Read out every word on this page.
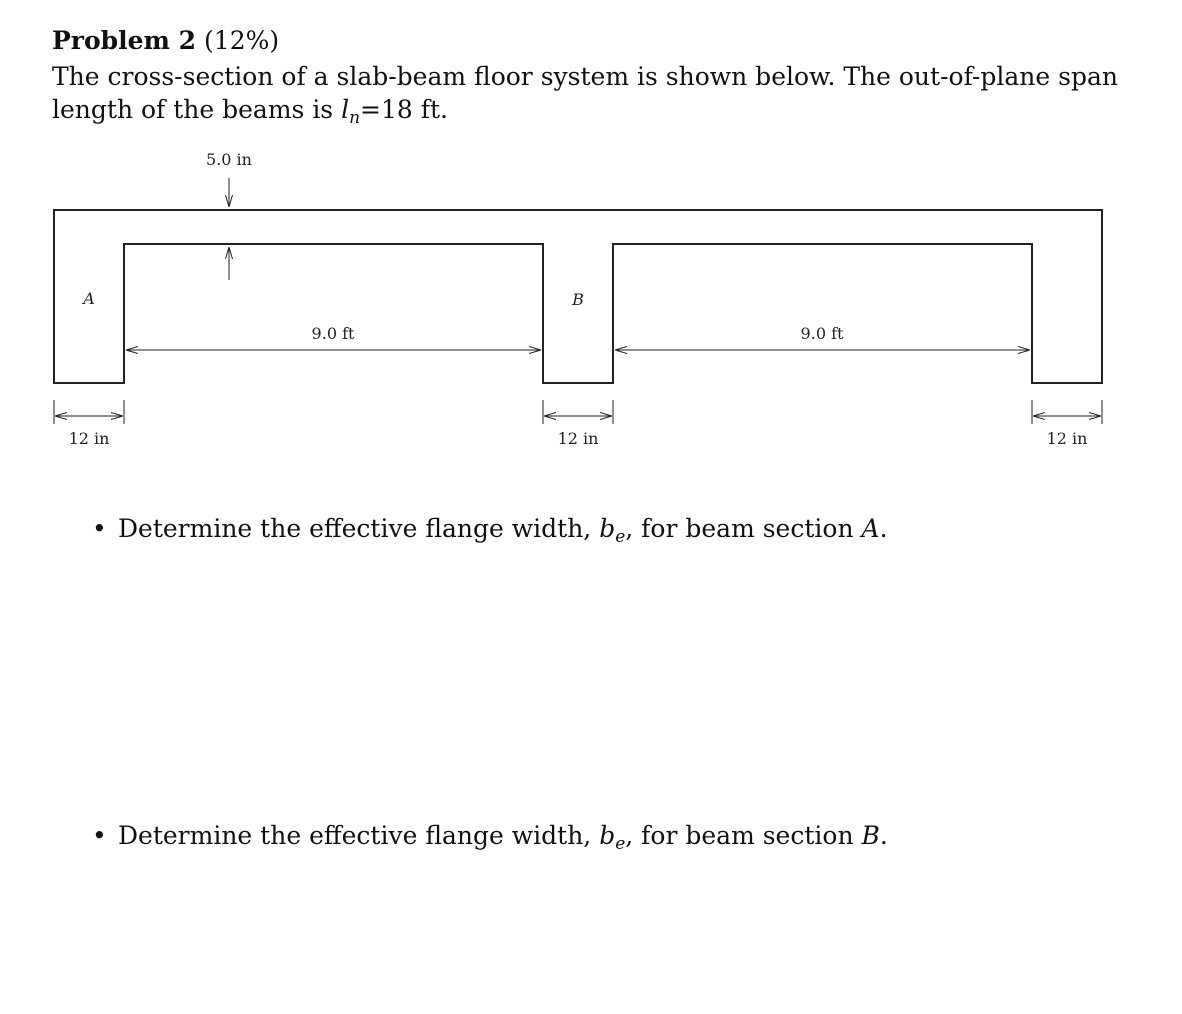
Problem 2 (12%)
The cross-section of a slab-beam floor system is shown below. The out-of-plane span length of the beams is $l_n=18$ ft.
5.0 in
A	B
9.0 ft	9.0 ft
12 in	12 in	12 in
• Determine the effective flange width, $b_e$, for beam section A.
• Determine the effective flange width, $b_e$, for beam section B.
